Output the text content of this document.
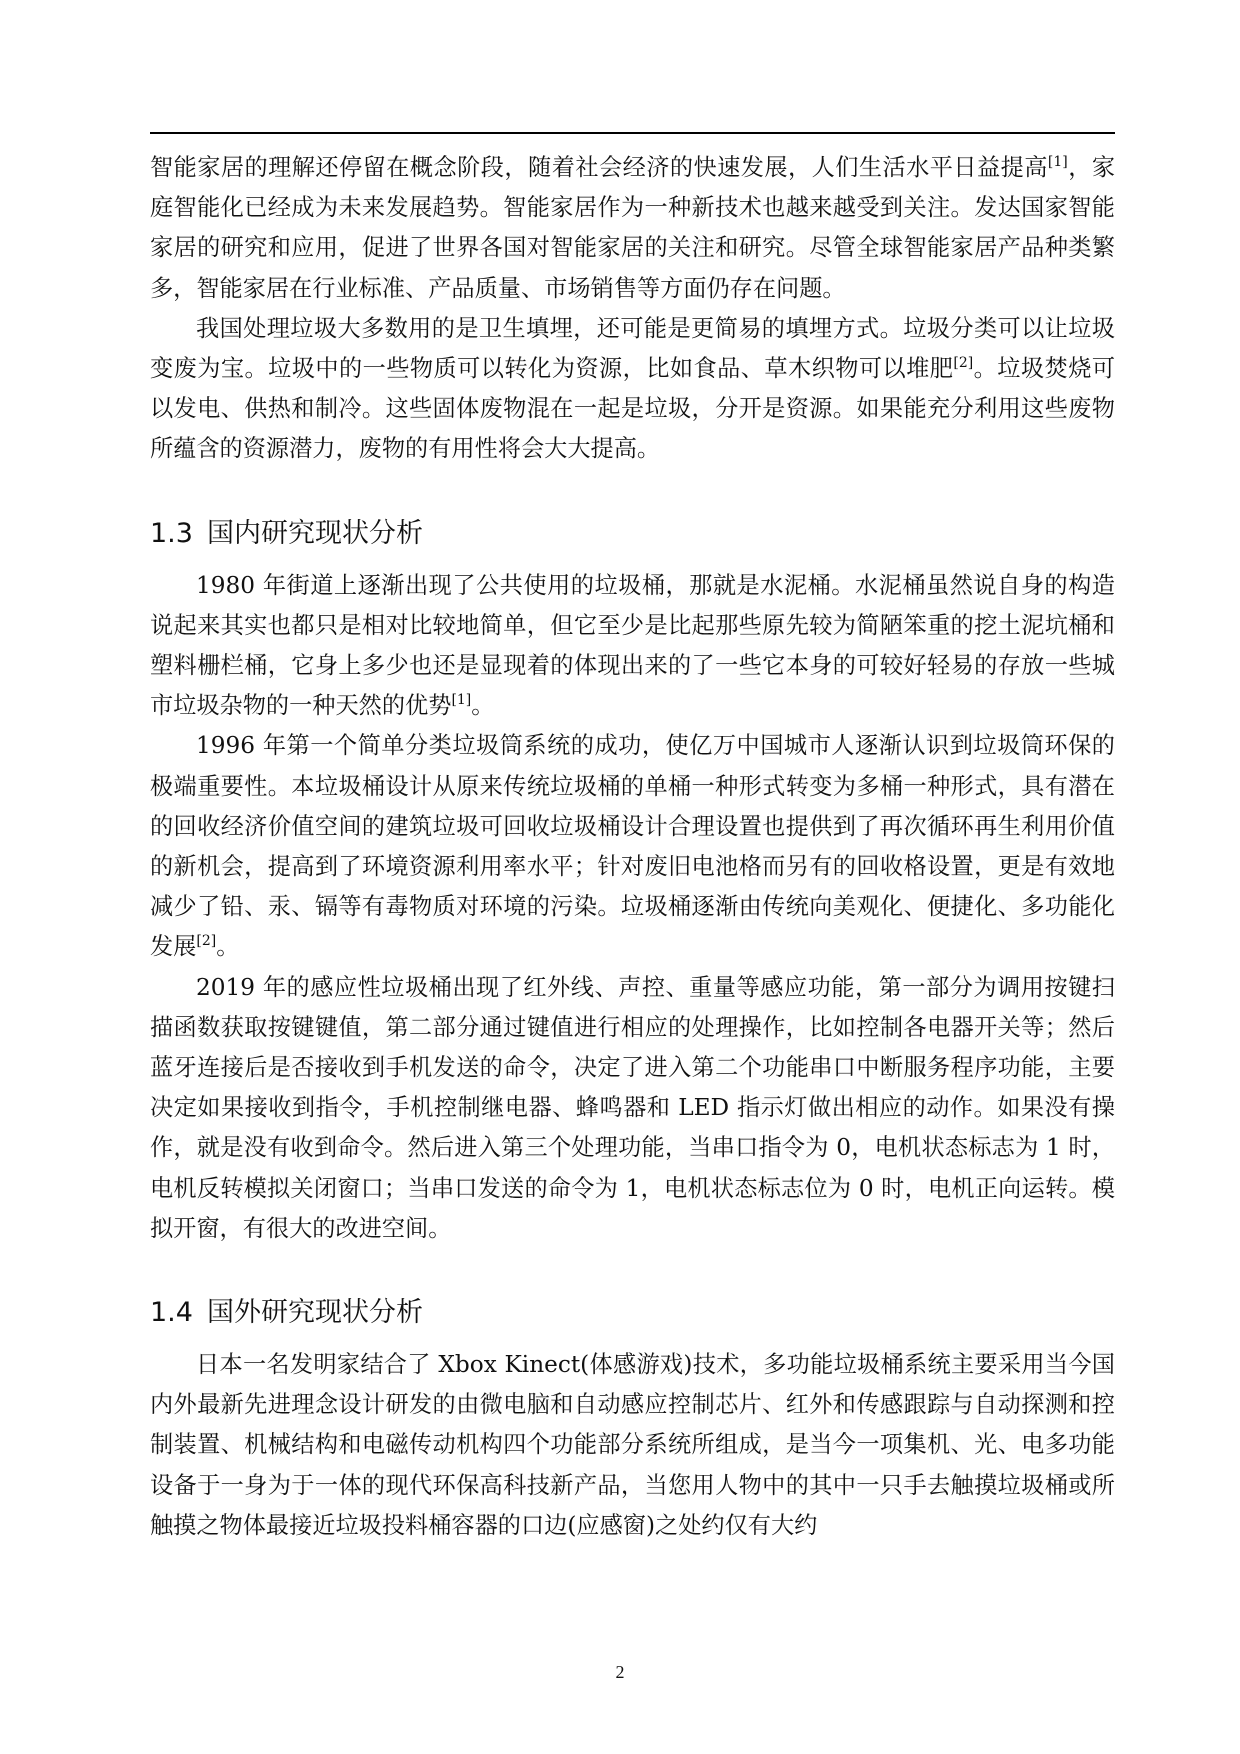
智能家居的理解还停留在概念阶段，随着社会经济的快速发展，人们生活水平日益提高[1]，家庭智能化已经成为未来发展趋势。智能家居作为一种新技术也越来越受到关注。发达国家智能家居的研究和应用，促进了世界各国对智能家居的关注和研究。尽管全球智能家居产品种类繁多，智能家居在行业标准、产品质量、市场销售等方面仍存在问题。

我国处理垃圾大多数用的是卫生填埋，还可能是更简易的填埋方式。垃圾分类可以让垃圾变废为宝。垃圾中的一些物质可以转化为资源，比如食品、草木织物可以堆肥[2]。垃圾焚烧可以发电、供热和制冷。这些固体废物混在一起是垃圾，分开是资源。如果能充分利用这些废物所蕴含的资源潜力，废物的有用性将会大大提高。

1.3 国内研究现状分析

1980 年街道上逐渐出现了公共使用的垃圾桶，那就是水泥桶。水泥桶虽然说自身的构造说起来其实也都只是相对比较地简单，但它至少是比起那些原先较为简陋笨重的挖土泥坑桶和塑料栅栏桶，它身上多少也还是显现着的体现出来的了一些它本身的可较好轻易的存放一些城市垃圾杂物的一种天然的优势[1]。

1996 年第一个简单分类垃圾筒系统的成功，使亿万中国城市人逐渐认识到垃圾筒环保的极端重要性。本垃圾桶设计从原来传统垃圾桶的单桶一种形式转变为多桶一种形式，具有潜在的回收经济价值空间的建筑垃圾可回收垃圾桶设计合理设置也提供到了再次循环再生利用价值的新机会，提高到了环境资源利用率水平；针对废旧电池格而另有的回收格设置，更是有效地减少了铅、汞、镉等有毒物质对环境的污染。垃圾桶逐渐由传统向美观化、便捷化、多功能化发展[2]。

2019 年的感应性垃圾桶出现了红外线、声控、重量等感应功能，第一部分为调用按键扫描函数获取按键键值，第二部分通过键值进行相应的处理操作，比如控制各电器开关等；然后蓝牙连接后是否接收到手机发送的命令，决定了进入第二个功能串口中断服务程序功能，主要决定如果接收到指令，手机控制继电器、蜂鸣器和 LED 指示灯做出相应的动作。如果没有操作，就是没有收到命令。然后进入第三个处理功能，当串口指令为 0，电机状态标志为 1 时，电机反转模拟关闭窗口；当串口发送的命令为 1，电机状态标志位为 0 时，电机正向运转。模拟开窗，有很大的改进空间。

1.4 国外研究现状分析

日本一名发明家结合了 Xbox Kinect(体感游戏)技术，多功能垃圾桶系统主要采用当今国内外最新先进理念设计研发的由微电脑和自动感应控制芯片、红外和传感跟踪与自动探测和控制装置、机械结构和电磁传动机构四个功能部分系统所组成，是当今一项集机、光、电多功能设备于一身为于一体的现代环保高科技新产品，当您用人物中的其中一只手去触摸垃圾桶或所触摸之物体最接近垃圾投料桶容器的口边(应感窗)之处约仅有大约

2
